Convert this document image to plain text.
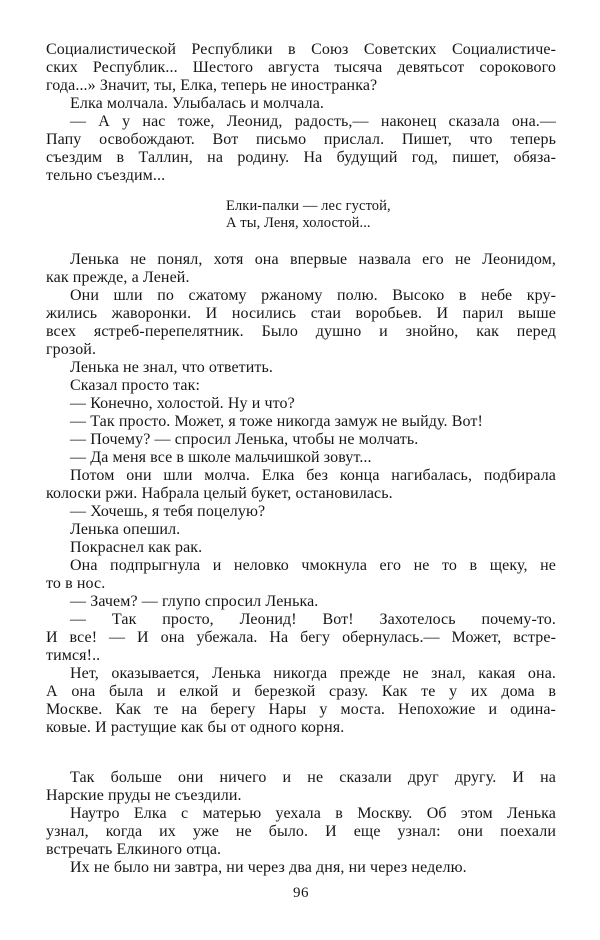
Социалистической Республики в Союз Советских Социалистиче-
ских Республик... Шестого августа тысяча девятьсот сорокового
года...» Значит, ты, Елка, теперь не иностранка?
Елка молчала. Улыбалась и молчала.
— А у нас тоже, Леонид, радость,— наконец сказала она.—
Папу освобождают. Вот письмо прислал. Пишет, что теперь
съездим в Таллин, на родину. На будущий год, пишет, обяза-
тельно съездим...
Елки-палки — лес густой,
А ты, Леня, холостой...
Ленька не понял, хотя она впервые назвала его не Леонидом,
как прежде, а Леней.
Они шли по сжатому ржаному полю. Высоко в небе кру-
жились жаворонки. И носились стаи воробьев. И парил выше
всех ястреб-перепелятник. Было душно и знойно, как перед
грозой.
Ленька не знал, что ответить.
Сказал просто так:
— Конечно, холостой. Ну и что?
— Так просто. Может, я тоже никогда замуж не выйду. Вот!
— Почему? — спросил Ленька, чтобы не молчать.
— Да меня все в школе мальчишкой зовут...
Потом они шли молча. Елка без конца нагибалась, подбирала
колоски ржи. Набрала целый букет, остановилась.
— Хочешь, я тебя поцелую?
Ленька опешил.
Покраснел как рак.
Она подпрыгнула и неловко чмокнула его не то в щеку, не
то в нос.
— Зачем? — глупо спросил Ленька.
— Так просто, Леонид! Вот! Захотелось почему-то.
И все! — И она убежала. На бегу обернулась.— Может, встре-
тимся!..
Нет, оказывается, Ленька никогда прежде не знал, какая она.
А она была и елкой и березкой сразу. Как те у их дома в
Москве. Как те на берегу Нары у моста. Непохожие и одина-
ковые. И растущие как бы от одного корня.
Так больше они ничего и не сказали друг другу. И на
Нарские пруды не съездили.
Наутро Елка с матерью уехала в Москву. Об этом Ленька
узнал, когда их уже не было. И еще узнал: они поехали
встречать Елкиного отца.
Их не было ни завтра, ни через два дня, ни через неделю.
96
